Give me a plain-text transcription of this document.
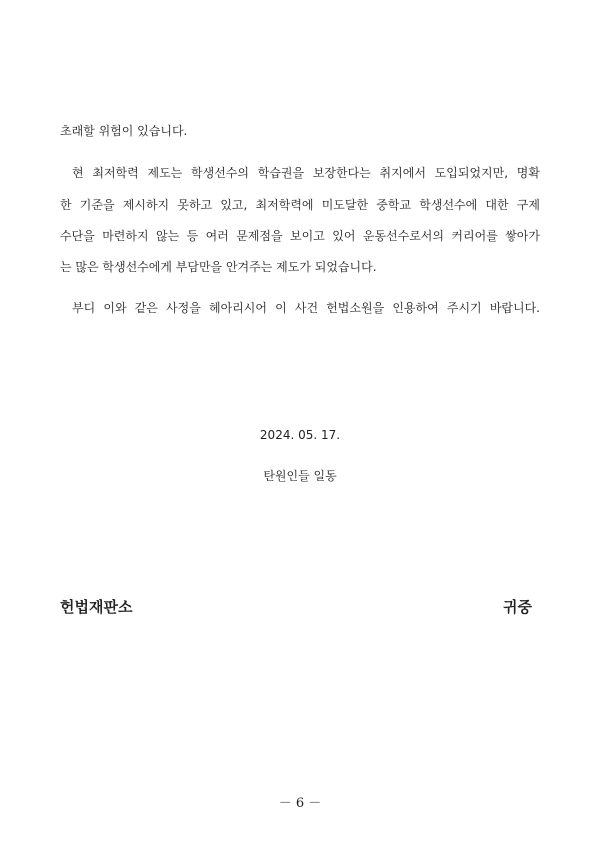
초래할 위험이 있습니다.
현 최저학력 제도는 학생선수의 학습권을 보장한다는 취지에서 도입되었지만, 명확
한 기준을 제시하지 못하고 있고, 최저학력에 미도달한 중학교 학생선수에 대한 구제
수단을 마련하지 않는 등 여러 문제점을 보이고 있어 운동선수로서의 커리어를 쌓아가
는 많은 학생선수에게 부담만을 안겨주는 제도가 되었습니다.
부디 이와 같은 사정을 헤아리시어 이 사건 헌법소원을 인용하여 주시기 바랍니다.
2024. 05. 17.
탄원인들 일동
헌법재판소	귀중
－ 6 －
